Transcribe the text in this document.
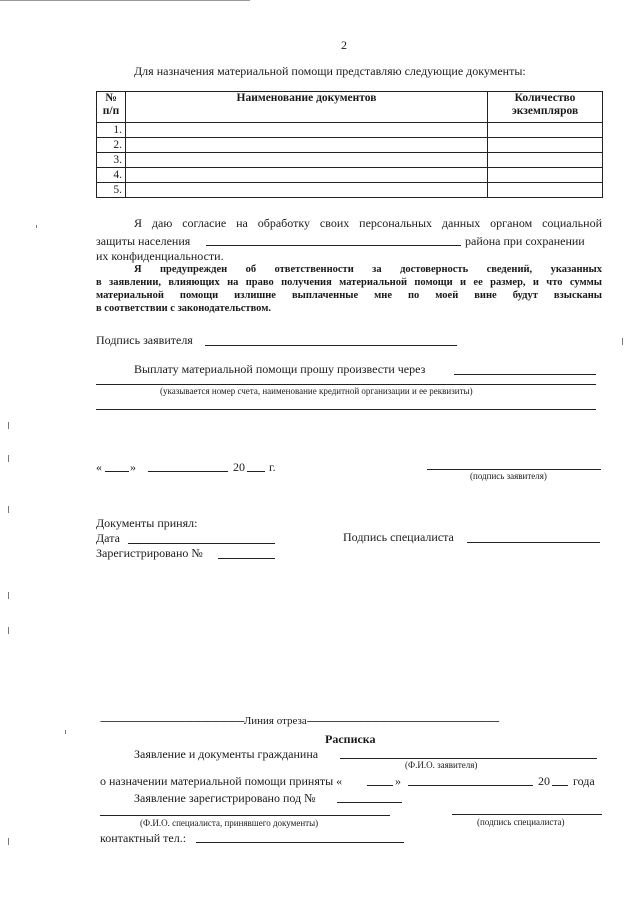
2
Для назначения материальной помощи представляю следующие документы:
№ п/п	Наименование документов	Количество экземпляров
1.		
2.		
3.		
4.		
5.		
Я даю согласие на обработку своих персональных данных органом социальной
защиты населения	района при сохранении
их конфиденциальности.
Я предупрежден об ответственности за достоверность сведений, указанных
в заявлении, влияющих на право получения материальной помощи и ее размер, и что суммы
материальной помощи излишне выплаченные мне по моей вине будут взысканы
в соответствии с законодательством.
Подпись заявителя
Выплату материальной помощи прошу произвести через
(указывается номер счета, наименование кредитной организации и ее реквизиты)
« »	20 г.
(подпись заявителя)
Документы принял:
Дата
Зарегистрировано №
Подпись специалиста
------------------------------------------------------Линия отреза------------------------------------------------------------------------
Расписка
Заявление и документы гражданина
(Ф.И.О. заявителя)
о назначении материальной помощи приняты «	»	20 года
Заявление зарегистрировано под №
(Ф.И.О. специалиста, принявшего документы)	(подпись специалиста)
контактный тел.:
